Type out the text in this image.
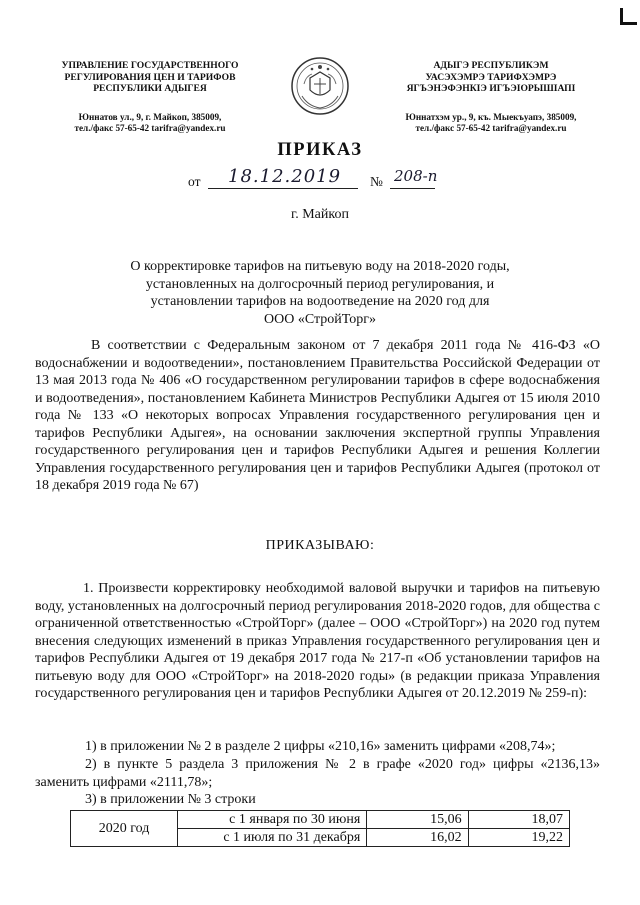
УПРАВЛЕНИЕ ГОСУДАРСТВЕННОГО
РЕГУЛИРОВАНИЯ ЦЕН И ТАРИФОВ
РЕСПУБЛИКИ АДЫГЕЯ
Юннатов ул., 9, г. Майкоп, 385009,
тел./факс 57-65-42 tarifra@yandex.ru
АДЫГЭ РЕСПУБЛИКЭМ
УАСЭХЭМРЭ ТАРИФХЭМРЭ
ЯГЪЭНЭФЭНКIЭ ИГЪЭIОРЫШIАПI
Юннатхэм ур., 9, къ. Мыекъуапэ, 385009,
тел./факс 57-65-42 tarifra@yandex.ru
ПРИКАЗ
от 18.12.2019 № 208-п
г. Майкоп
О корректировке тарифов на питьевую воду на 2018-2020 годы,
установленных на долгосрочный период регулирования, и
установлении тарифов на водоотведение на 2020 год для
ООО «СтройТорг»

В соответствии с Федеральным законом от 7 декабря 2011 года № 416-ФЗ «О водоснабжении и водоотведении», постановлением Правительства Российской Федерации от 13 мая 2013 года № 406 «О государственном регулировании тарифов в сфере водоснабжения и водоотведения», постановлением Кабинета Министров Республики Адыгея от 15 июля 2010 года № 133 «О некоторых вопросах Управления государственного регулирования цен и тарифов Республики Адыгея», на основании заключения экспертной группы Управления государственного регулирования цен и тарифов Республики Адыгея и решения Коллегии Управления государственного регулирования цен и тарифов Республики Адыгея (протокол от 18 декабря 2019 года № 67)

ПРИКАЗЫВАЮ:

1. Произвести корректировку необходимой валовой выручки и тарифов на питьевую воду, установленных на долгосрочный период регулирования 2018-2020 годов, для общества с ограниченной ответственностью «СтройТорг» (далее – ООО «СтройТорг») на 2020 год путем внесения следующих изменений в приказ Управления государственного регулирования цен и тарифов Республики Адыгея от 19 декабря 2017 года № 217-п «Об установлении тарифов на питьевую воду для ООО «СтройТорг» на 2018-2020 годы» (в редакции приказа Управления государственного регулирования цен и тарифов Республики Адыгея от 20.12.2019 № 259-п):

1) в приложении № 2 в разделе 2 цифры «210,16» заменить цифрами «208,74»;

2) в пункте 5 раздела 3 приложения № 2 в графе «2020 год» цифры «2136,13» заменить цифрами «2111,78»;

3) в приложении № 3 строки

2020 год	с 1 января по 30 июня	15,06	18,07
	с 1 июля по 31 декабря	16,02	19,22
